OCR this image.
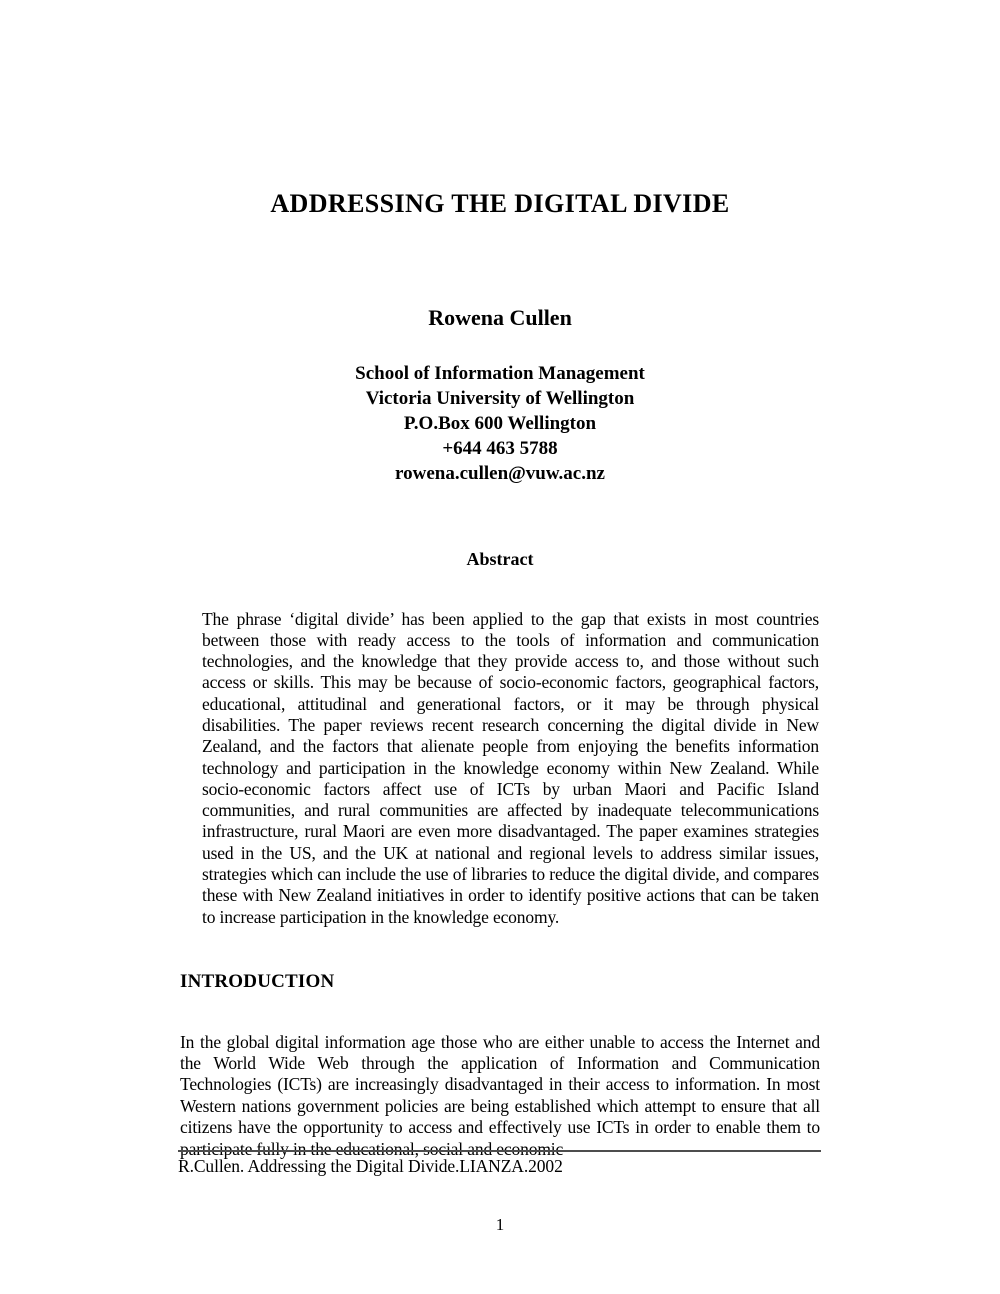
ADDRESSING THE DIGITAL DIVIDE
Rowena Cullen
School of Information Management
Victoria University of Wellington
P.O.Box 600 Wellington
+644 463 5788
rowena.cullen@vuw.ac.nz
Abstract

The phrase ‘digital divide’ has been applied to the gap that exists in most countries between those with ready access to the tools of information and communication technologies, and the knowledge that they provide access to, and those without such access or skills. This may be because of socio-economic factors, geographical factors, educational, attitudinal and generational factors, or it may be through physical disabilities. The paper reviews recent research concerning the digital divide in New Zealand, and the factors that alienate people from enjoying the benefits information technology and participation in the knowledge economy within New Zealand. While socio-economic factors affect use of ICTs by urban Maori and Pacific Island communities, and rural communities are affected by inadequate telecommunications infrastructure, rural Maori are even more disadvantaged. The paper examines strategies used in the US, and the UK at national and regional levels to address similar issues, strategies which can include the use of libraries to reduce the digital divide, and compares these with New Zealand initiatives in order to identify positive actions that can be taken to increase participation in the knowledge economy.

INTRODUCTION

In the global digital information age those who are either unable to access the Internet and the World Wide Web through the application of Information and Communication Technologies (ICTs) are increasingly disadvantaged in their access to information. In most Western nations government policies are being established which attempt to ensure that all citizens have the opportunity to access and effectively use ICTs in order to enable them to participate fully in the educational, social and economic

R.Cullen. Addressing the Digital Divide.LIANZA.2002
1
